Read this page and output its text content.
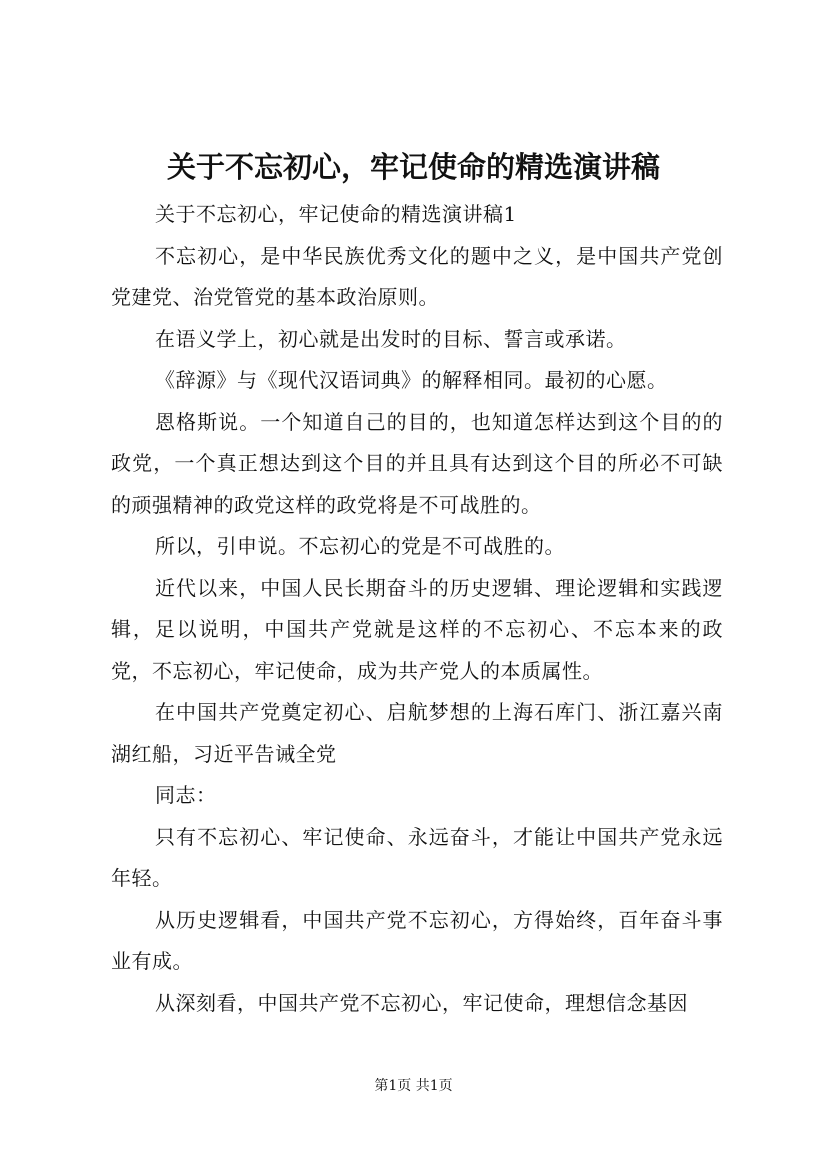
关于不忘初心，牢记使命的精选演讲稿

关于不忘初心，牢记使命的精选演讲稿1

不忘初心，是中华民族优秀文化的题中之义，是中国共产党创党建党、治党管党的基本政治原则。

在语义学上，初心就是出发时的目标、誓言或承诺。

《辞源》与《现代汉语词典》的解释相同。最初的心愿。

恩格斯说。一个知道自己的目的，也知道怎样达到这个目的的政党，一个真正想达到这个目的并且具有达到这个目的所必不可缺的顽强精神的政党这样的政党将是不可战胜的。

所以，引申说。不忘初心的党是不可战胜的。

近代以来，中国人民长期奋斗的历史逻辑、理论逻辑和实践逻辑，足以说明，中国共产党就是这样的不忘初心、不忘本来的政党，不忘初心，牢记使命，成为共产党人的本质属性。

在中国共产党奠定初心、启航梦想的上海石库门、浙江嘉兴南湖红船，习近平告诫全党

同志：

只有不忘初心、牢记使命、永远奋斗，才能让中国共产党永远年轻。

从历史逻辑看，中国共产党不忘初心，方得始终，百年奋斗事业有成。

从深刻看，中国共产党不忘初心，牢记使命，理想信念基因

第1页 共1页
